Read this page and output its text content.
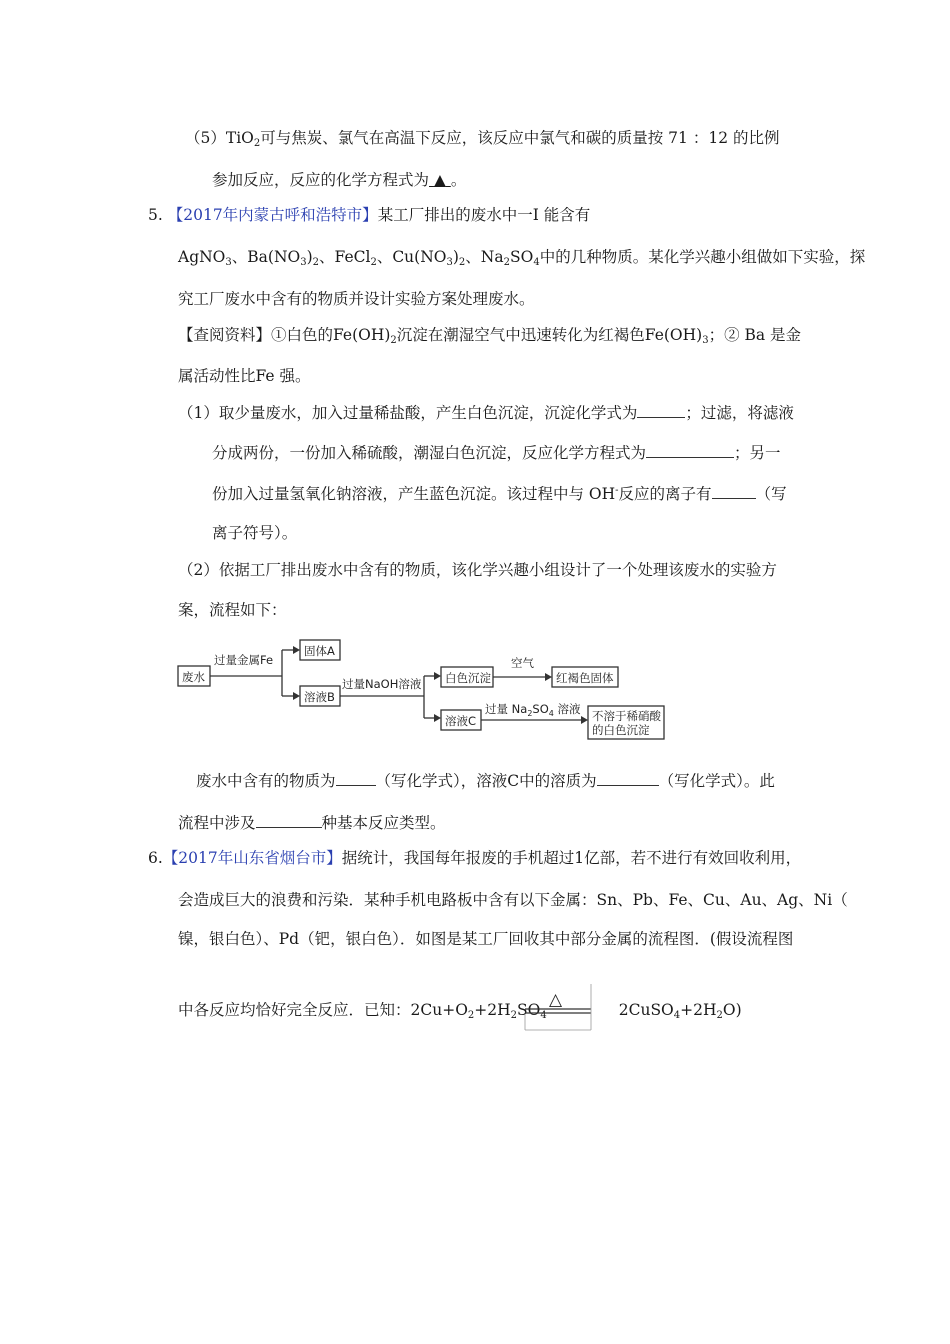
（5）TiO$_2$可与焦炭、氯气在高温下反应，该反应中氯气和碳的质量按 71 ：12 的比例
参加反应，反应的化学方程式为 ▲ 。
5. 【2017年内蒙古呼和浩特市】某工厂排出的废水中一I 能含有
AgNO$_3$、$Ba(NO_3)_2$、FeCl$_2$、$Cu(NO_3)_2$、$Na_2SO_4$中的几种物质。某化学兴趣小组做如下实验，探
究工厂废水中含有的物质并设计实验方案处理废水。
【查阅资料】①白色的$Fe(OH)_2$沉淀在潮湿空气中迅速转化为红褐色$Fe(OH)_3$；② Ba 是金
属活动性比Fe 强。
（1）取少量废水，加入过量稀盐酸，产生白色沉淀，沉淀化学式为	；过滤，将滤液
分成两份，一份加入稀硫酸，潮湿白色沉淀，反应化学方程式为	；另一
份加入过量氢氧化钠溶液，产生蓝色沉淀。该过程中与 OH-反应的离子有	（写
离子符号）。
（2）依据工厂排出废水中含有的物质，该化学兴趣小组设计了一个处理该废水的实验方
案，流程如下：
废水
过量金属Fe
固体A
溶液B
过量NaOH溶液 白色沉淀
空气
红褐色固体
溶液C
过量 $Na_2SO_4$ 溶液 不溶于稀硝酸
的白色沉淀
废水中含有的物质为	（写化学式），溶液C中的溶质为	（写化学式）。此
流程中涉及	种基本反应类型。
6.【2017年山东省烟台市】据统计，我国每年报废的手机超过1亿部，若不进行有效回收利用，
会造成巨大的浪费和污染．某种手机电路板中含有以下金属：Sn、Pb、Fe、Cu、Au、Ag、Ni（
镍，银白色）、Pd（钯，银白色）．如图是某工厂回收其中部分金属的流程图．(假设流程图
中各反应均恰好完全反应．已知：$2Cu+O_2+2H_2SO_4$	$2CuSO_4+2H_2O$)
△
